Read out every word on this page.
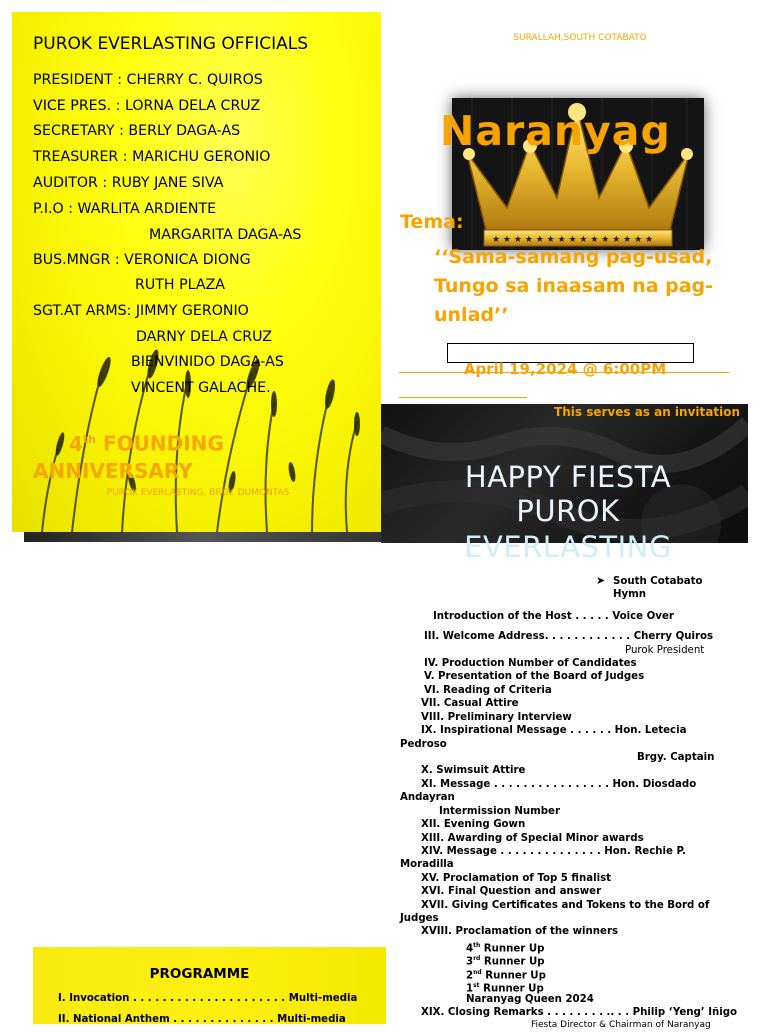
PUROK EVERLASTING OFFICIALS
PRESIDENT : CHERRY C. QUIROS
VICE PRES. : LORNA DELA CRUZ
SECRETARY : BERLY DAGA-AS
TREASURER : MARICHU GERONIO
AUDITOR : RUBY JANE SIVA
P.I.O : WARLITA ARDIENTE
MARGARITA DAGA-AS
BUS.MNGR : VERONICA DIONG
RUTH PLAZA
SGT.AT ARMS: JIMMY GERONIO
DARNY DELA CRUZ
BIENVINIDO DAGA-AS
VINCENT GALACHE.
4th FOUNDING ANNIVERSARY
PUROK EVERLASTING, BRGY. DUMONTAS
SURALLAH,SOUTH COTABATO
★ ★ ★ ★ ★ ★ ★ ★ ★ ★ ★ ★ ★ ★ ★
Naranyag
Tema:
‘‘Sama-samang pag-usad, Tungo sa inaasam na pag-unlad’’
April 19,2024 @ 6:00PM
This serves as an invitation
HAPPY FIESTA
PUROK
EVERLASTING
➤ South Cotabato
Hymn
Introduction of the Host . . . . . Voice Over
III. Welcome Address. . . . . . . . . . . . Cherry Quiros
Purok President
IV. Production Number of Candidates
V. Presentation of the Board of Judges
VI. Reading of Criteria
VII. Casual Attire
VIII. Preliminary Interview
IX. Inspirational Message . . . . . . Hon. Letecia
Pedroso
Brgy. Captain
X. Swimsuit Attire
XI. Message . . . . . . . . . . . . . . . . Hon. Diosdado
Andayran
Intermission Number
XII. Evening Gown
XIII. Awarding of Special Minor awards
XIV. Message . . . . . . . . . . . . . . Hon. Rechie P.
Moradilla
XV. Proclamation of Top 5 finalist
XVI. Final Question and answer
XVII. Giving Certificates and Tokens to the Bord of
Judges
XVIII. Proclamation of the winners
4th Runner Up
3rd Runner Up
2nd Runner Up
1st Runner Up
Naranyag Queen 2024
XIX. Closing Remarks . . . . . . . . .. . . Philip ‘Yeng’ Iñigo
Fiesta Director & Chairman of Naranyag
PROGRAMME
I. Invocation . . . . . . . . . . . . . . . . . . . . . Multi-media
II. National Anthem . . . . . . . . . . . . . . Multi-media
